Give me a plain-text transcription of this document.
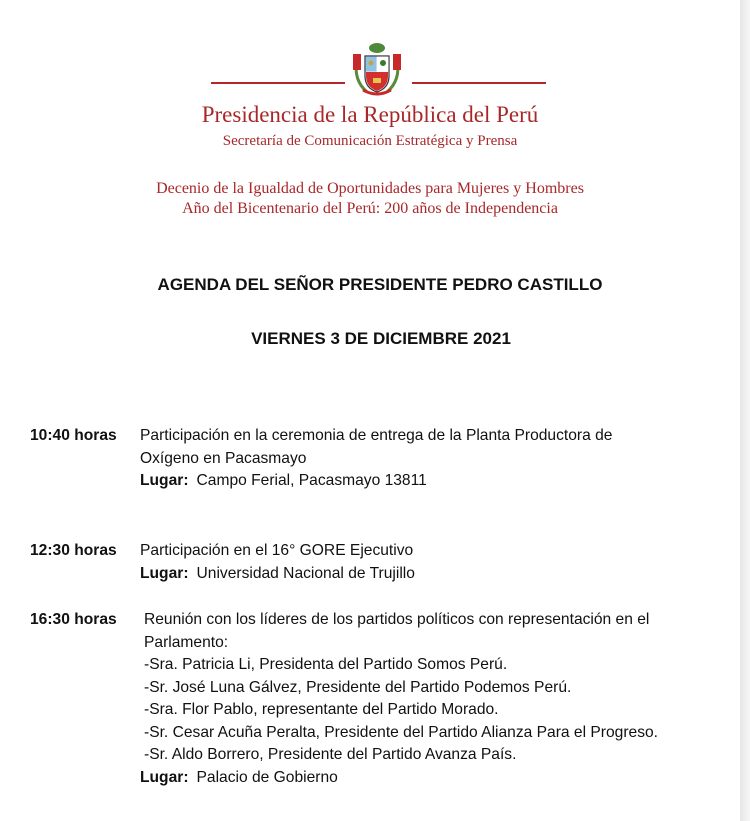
Presidencia de la República del Perú
Secretaría de Comunicación Estratégica y Prensa
Decenio de la Igualdad de Oportunidades para Mujeres y Hombres
Año del Bicentenario del Perú: 200 años de Independencia
AGENDA DEL SEÑOR PRESIDENTE PEDRO CASTILLO
VIERNES 3 DE DICIEMBRE 2021
10:40 horas Participación en la ceremonia de entrega de la Planta Productora de
Oxígeno en Pacasmayo
Lugar: Campo Ferial, Pacasmayo 13811
12:30 horas Participación en el 16° GORE Ejecutivo
Lugar: Universidad Nacional de Trujillo
16:30 horas Reunión con los líderes de los partidos políticos con representación en el
Parlamento:
-Sra. Patricia Li, Presidenta del Partido Somos Perú.
-Sr. José Luna Gálvez, Presidente del Partido Podemos Perú.
-Sra. Flor Pablo, representante del Partido Morado.
-Sr. Cesar Acuña Peralta, Presidente del Partido Alianza Para el Progreso.
-Sr. Aldo Borrero, Presidente del Partido Avanza País.
Lugar: Palacio de Gobierno
